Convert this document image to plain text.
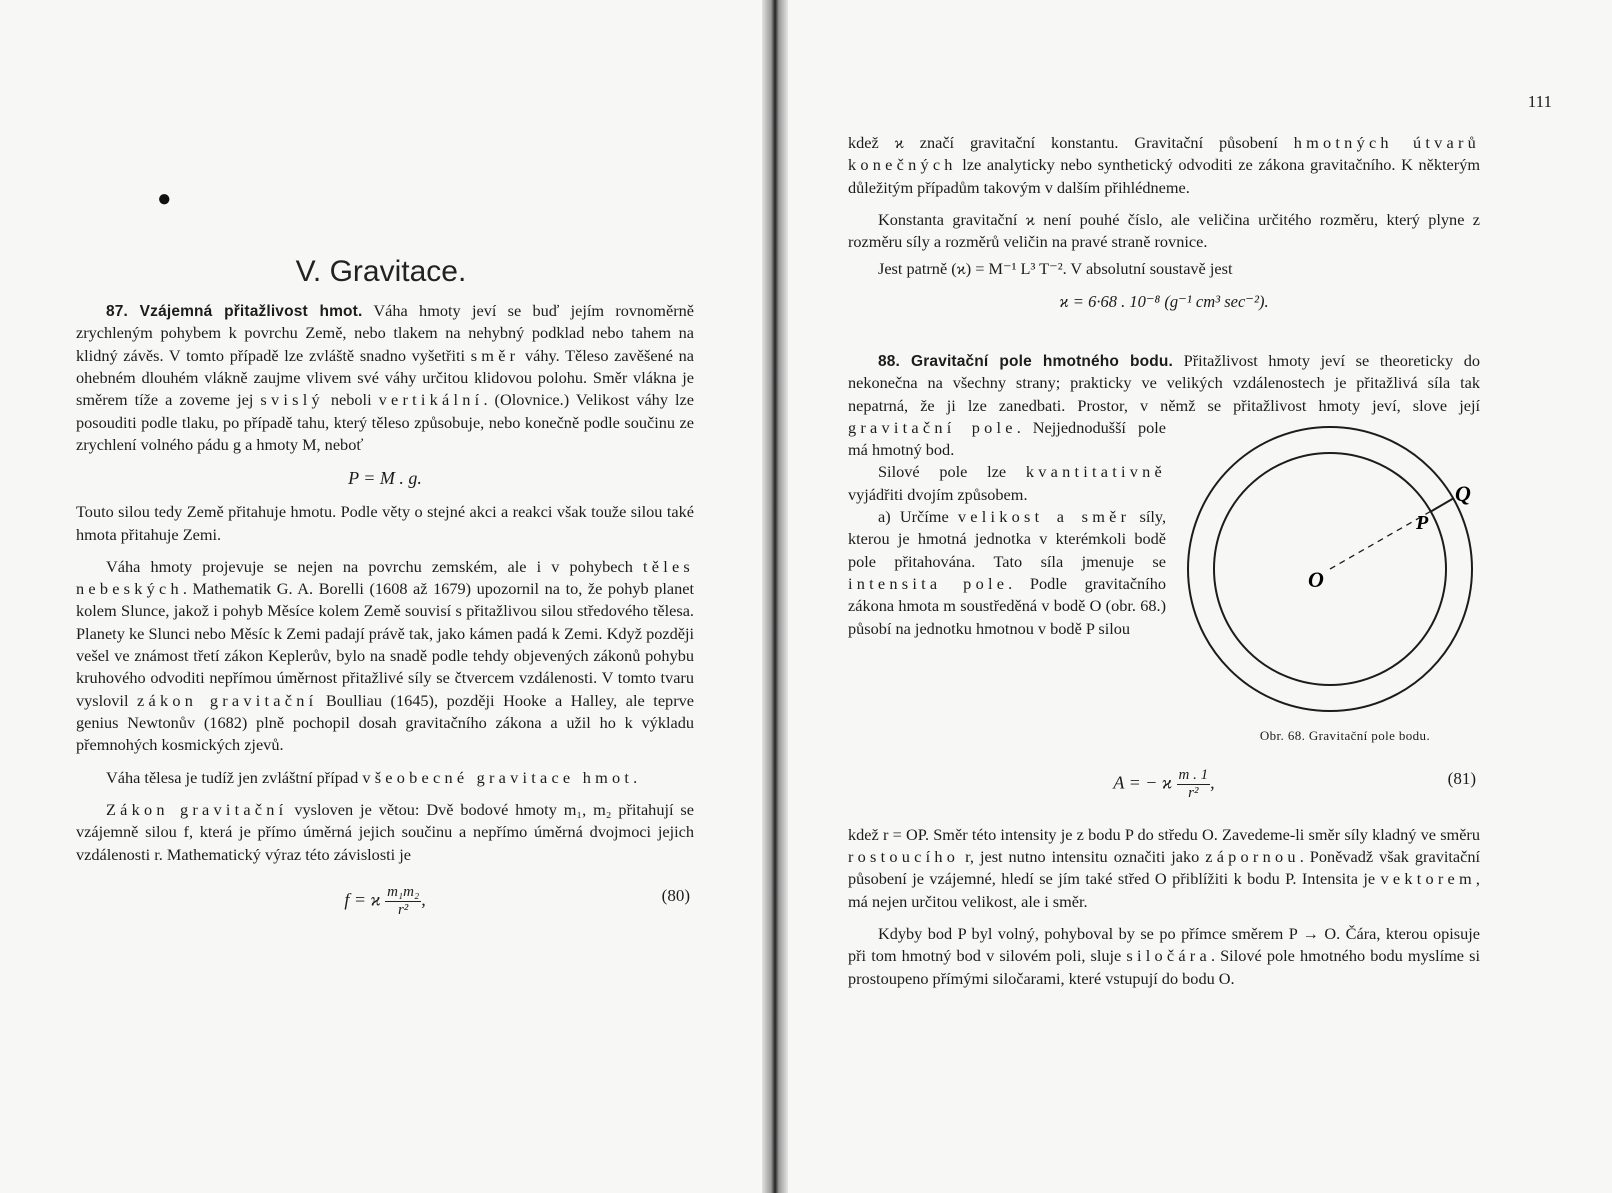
●
V. Gravitace.

87. Vzájemná přitažlivost hmot. Váha hmoty jeví se buď jejím rovnoměrně zrychleným pohybem k povrchu Země, nebo tlakem na nehybný podklad nebo tahem na klidný závěs. V tomto případě lze zvláště snadno vyšetřiti směr váhy. Těleso zavěšené na ohebném dlouhém vlákně zaujme vlivem své váhy určitou klidovou polohu. Směr vlákna je směrem tíže a zoveme jej svislý neboli vertikální. (Olovnice.) Velikost váhy lze posouditi podle tlaku, po případě tahu, který těleso způsobuje, nebo konečně podle součinu ze zrychlení volného pádu g a hmoty M, neboť

P = M . g.

Touto silou tedy Země přitahuje hmotu. Podle věty o stejné akci a reakci však touže silou také hmota přitahuje Zemi.

Váha hmoty projevuje se nejen na povrchu zemském, ale i v pohybech těles nebeských. Mathematik G. A. Borelli (1608 až 1679) upozornil na to, že pohyb planet kolem Slunce, jakož i pohyb Měsíce kolem Země souvisí s přitažlivou silou středového tělesa. Planety ke Slunci nebo Měsíc k Zemi padají právě tak, jako kámen padá k Zemi. Když později vešel ve známost třetí zákon Keplerův, bylo na snadě podle tehdy objevených zákonů pohybu kruhového odvoditi nepřímou úměrnost přitažlivé síly se čtvercem vzdálenosti. V tomto tvaru vyslovil zákon gravitační Boulliau (1645), později Hooke a Halley, ale teprve genius Newtonův (1682) plně pochopil dosah gravitačního zákona a užil ho k výkladu přemnohých kosmických zjevů.

Váha tělesa je tudíž jen zvláštní případ všeobecné gravitace hmot.

Zákon gravitační vysloven je větou: Dvě bodové hmoty m₁, m₂ přitahují se vzájemně silou f, která je přímo úměrná jejich součinu a nepřímo úměrná dvojmoci jejich vzdálenosti r. Mathematický výraz této závislosti je

f = ϰ $\frac{\text{m₁m₂}}{\text{r²}}$ ,	(80)
111

kdež ϰ značí gravitační konstantu. Gravitační působení hmotných útvarů konečných lze analyticky nebo synthetický odvoditi ze zákona gravitačního. K některým důležitým případům takovým v dalším přihlédneme.

Konstanta gravitační ϰ není pouhé číslo, ale veličina určitého rozměru, který plyne z rozměru síly a rozměrů veličin na pravé straně rovnice.

Jest patrně (ϰ) = M⁻¹ L³ T⁻². V absolutní soustavě jest

ϰ = 6·68 . 10⁻⁸ (g⁻¹ cm³ sec⁻²).

88. Gravitační pole hmotného bodu. Přitažlivost hmoty jeví se theoreticky do nekonečna na všechny strany; prakticky ve velikých vzdálenostech je přitažlivá síla tak nepatrná, že ji lze zanedbati. Prostor, v němž se přitažlivost hmoty jeví, slove její
O
P
Q
Obr. 68. Gravitační pole bodu.
gravitační pole. Nejjednodušší pole má hmotný bod.

Silové pole lze kvantitativně vyjádřiti dvojím způsobem.

a) Určíme velikost a směr síly, kterou je hmotná jednotka v kterémkoli bodě pole přitahována. Tato síla jmenuje se intensita pole. Podle gravitačního zákona hmota m soustředěná v bodě O (obr. 68.) působí na jednotku hmotnou v bodě P silou

A = − ϰ $\frac{m . 1}{\text{r²}}$ ,	(81)

kdež r = OP. Směr této intensity je z bodu P do středu O. Zavedeme-li směr síly kladný ve směru rostoucího r, jest nutno intensitu označiti jako zápornou. Poněvadž však gravitační působení je vzájemné, hledí se jím také střed O přiblížiti k bodu P. Intensita je vektorem, má nejen určitou velikost, ale i směr.

Kdyby bod P byl volný, pohyboval by se po přímce směrem P → O. Čára, kterou opisuje při tom hmotný bod v silovém poli, sluje siločára. Silové pole hmotného bodu myslíme si prostoupeno přímými siločarami, které vstupují do bodu O.
